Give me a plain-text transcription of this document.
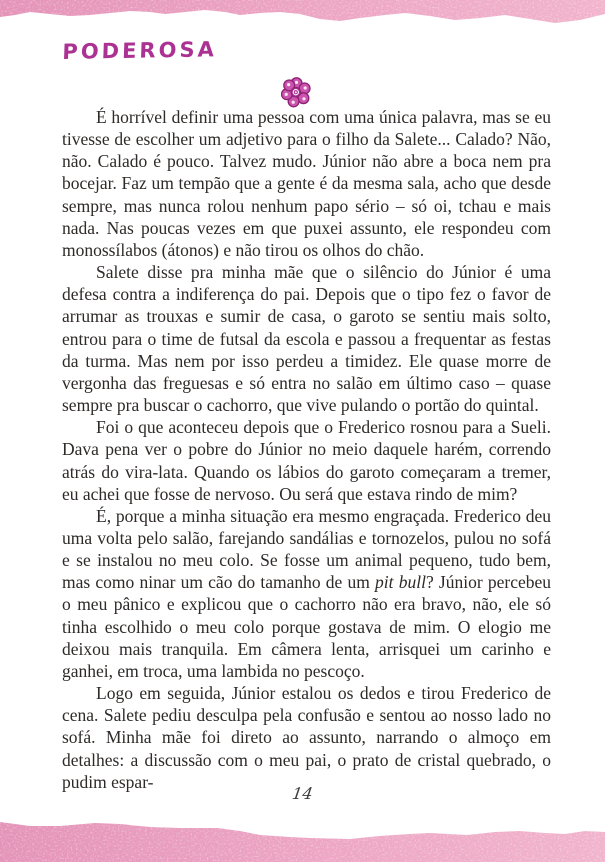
PODEROSA

É horrível definir uma pessoa com uma única palavra, mas se eu tivesse de escolher um adjetivo para o filho da Salete... Calado? Não, não. Calado é pouco. Talvez mudo. Júnior não abre a boca nem pra bocejar. Faz um tempão que a gente é da mesma sala, acho que desde sempre, mas nunca rolou nenhum papo sério – só oi, tchau e mais nada. Nas poucas vezes em que puxei assunto, ele respondeu com monossílabos (átonos) e não tirou os olhos do chão.

Salete disse pra minha mãe que o silêncio do Júnior é uma defesa contra a indiferença do pai. Depois que o tipo fez o favor de arrumar as trouxas e sumir de casa, o garoto se sentiu mais solto, entrou para o time de futsal da escola e passou a frequentar as festas da turma. Mas nem por isso perdeu a timidez. Ele quase morre de vergonha das freguesas e só entra no salão em último caso – quase sempre pra buscar o cachorro, que vive pulando o portão do quintal.

Foi o que aconteceu depois que o Frederico rosnou para a Sueli. Dava pena ver o pobre do Júnior no meio daquele harém, correndo atrás do vira-lata. Quando os lábios do garoto começaram a tremer, eu achei que fosse de nervoso. Ou será que estava rindo de mim?

É, porque a minha situação era mesmo engraçada. Frederico deu uma volta pelo salão, farejando sandálias e tornozelos, pulou no sofá e se instalou no meu colo. Se fosse um animal pequeno, tudo bem, mas como ninar um cão do tamanho de um pit bull? Júnior percebeu o meu pânico e explicou que o cachorro não era bravo, não, ele só tinha escolhido o meu colo porque gostava de mim. O elogio me deixou mais tranquila. Em câmera lenta, arrisquei um carinho e ganhei, em troca, uma lambida no pescoço.

Logo em seguida, Júnior estalou os dedos e tirou Frederico de cena. Salete pediu desculpa pela confusão e sentou ao nosso lado no sofá. Minha mãe foi direto ao assunto, narrando o almoço em detalhes: a discussão com o meu pai, o prato de cristal quebrado, o pudim espar-

14
